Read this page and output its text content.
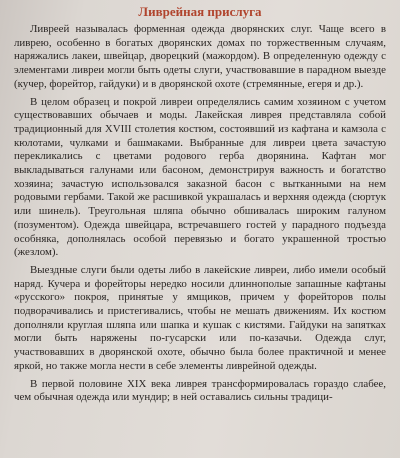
Ливрейная прислуга

Ливреей называлась форменная одежда дворянских слуг. Чаще всего в ливрею, особенно в богатых дворянских домах по торжественным случаям, наряжались лакеи, швейцар, дворецкий (мажордом). В определенную одежду с элементами ливреи могли быть одеты слуги, участвовавшие в парадном выезде (кучер, форейтор, гайдуки) и в дворянской охоте (стремянные, егеря и др.).

В целом образец и покрой ливреи определялись самим хозяином с учетом существовавших обычаев и моды. Лакейская ливрея представляла собой традиционный для XVIII столетия костюм, состоявший из кафтана и камзола с кюлотами, чулками и башмаками. Выбранные для ливреи цвета зачастую перекликались с цветами родового герба дворянина. Кафтан мог выкладываться галунами или басоном, демонстрируя важность и богатство хозяина; зачастую использовался заказной басон с вытканными на нем родовыми гербами. Такой же расшивкой украшалась и верхняя одежда (сюртук или шинель). Треугольная шляпа обычно обшивалась широким галуном (позументом). Одежда швейцара, встречавшего гостей у парадного подъезда особняка, дополнялась особой перевязью и богато украшенной тростью (жезлом).

Выездные слуги были одеты либо в лакейские ливреи, либо имели особый наряд. Кучера и форейторы нередко носили длиннополые запашные кафтаны «русского» покроя, принятые у ямщиков, причем у форейторов полы подворачивались и пристегивались, чтобы не мешать движениям. Их костюм дополняли круглая шляпа или шапка и кушак с кистями. Гайдуки на запятках могли быть наряжены по-гусарски или по-казачьи. Одежда слуг, участвовавших в дворянской охоте, обычно была более практичной и менее яркой, но также могла нести в себе элементы ливрейной одежды.

В первой половине XIX века ливрея трансформировалась гораздо слабее, чем обычная одежда или мундир; в ней оставались сильны традици-
